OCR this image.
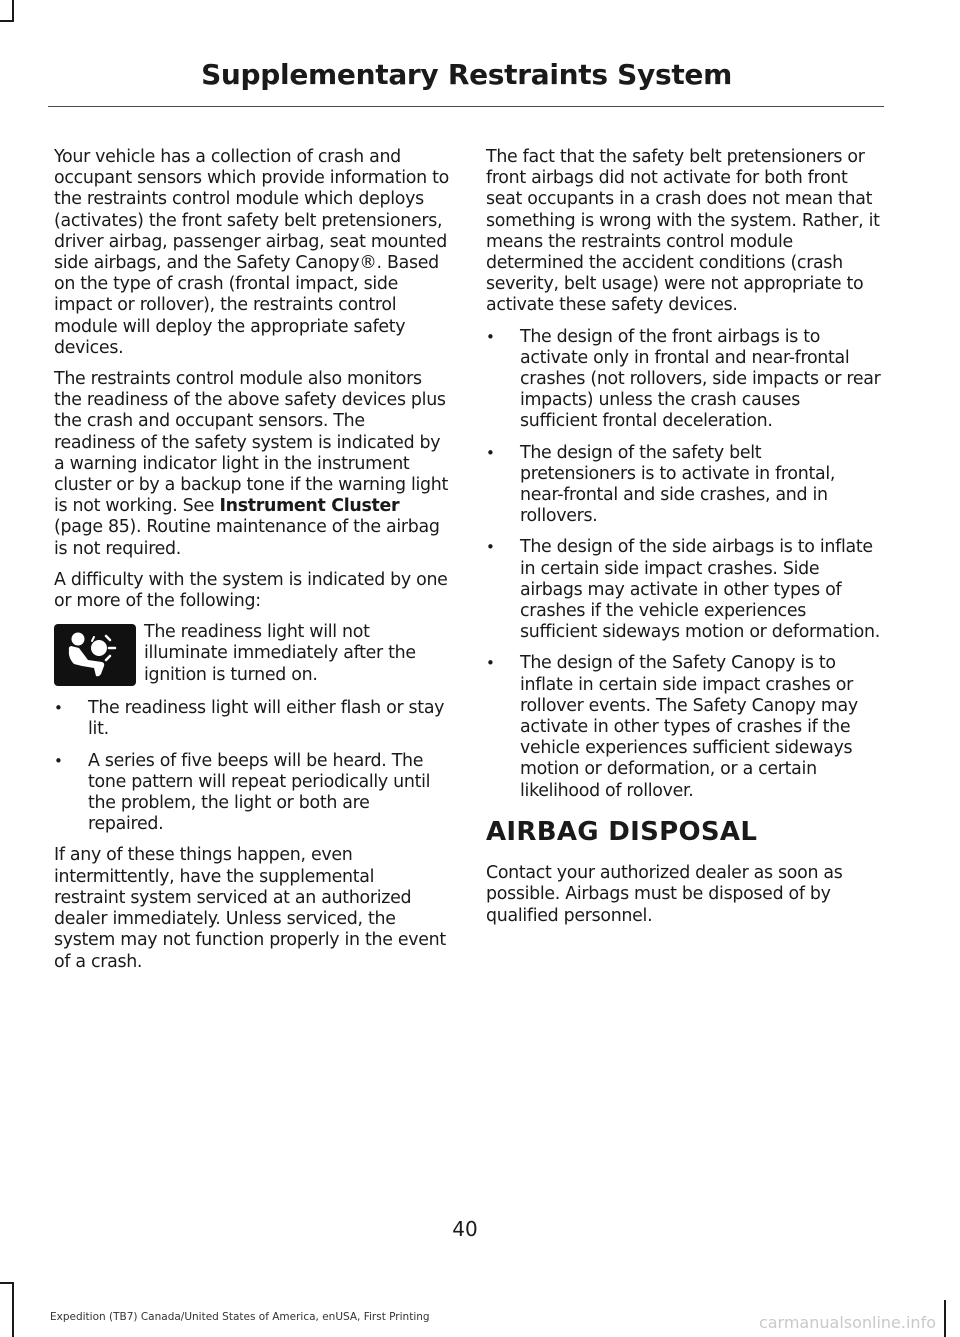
Supplementary Restraints System

Your vehicle has a collection of crash and occupant sensors which provide information to the restraints control module which deploys (activates) the front safety belt pretensioners, driver airbag, passenger airbag, seat mounted side airbags, and the Safety Canopy®. Based on the type of crash (frontal impact, side impact or rollover), the restraints control module will deploy the appropriate safety devices.

The restraints control module also monitors the readiness of the above safety devices plus the crash and occupant sensors. The readiness of the safety system is indicated by a warning indicator light in the instrument cluster or by a backup tone if the warning light is not working. See Instrument Cluster (page 85). Routine maintenance of the airbag is not required.

A difficulty with the system is indicated by one or more of the following:

The readiness light will not illuminate immediately after the ignition is turned on.
• The readiness light will either flash or stay lit.
• A series of five beeps will be heard. The tone pattern will repeat periodically until the problem, the light or both are repaired.

If any of these things happen, even intermittently, have the supplemental restraint system serviced at an authorized dealer immediately. Unless serviced, the system may not function properly in the event of a crash.

The fact that the safety belt pretensioners or front airbags did not activate for both front seat occupants in a crash does not mean that something is wrong with the system. Rather, it means the restraints control module determined the accident conditions (crash severity, belt usage) were not appropriate to activate these safety devices.

• The design of the front airbags is to activate only in frontal and near-frontal crashes (not rollovers, side impacts or rear impacts) unless the crash causes sufficient frontal deceleration.
• The design of the safety belt pretensioners is to activate in frontal, near-frontal and side crashes, and in rollovers.
• The design of the side airbags is to inflate in certain side impact crashes. Side airbags may activate in other types of crashes if the vehicle experiences sufficient sideways motion or deformation.
• The design of the Safety Canopy is to inflate in certain side impact crashes or rollover events. The Safety Canopy may activate in other types of crashes if the vehicle experiences sufficient sideways motion or deformation, or a certain likelihood of rollover.
AIRBAG DISPOSAL

Contact your authorized dealer as soon as possible. Airbags must be disposed of by qualified personnel.

40
Expedition (TB7) Canada/United States of America, enUSA, First Printing	carmanualsonline.info
